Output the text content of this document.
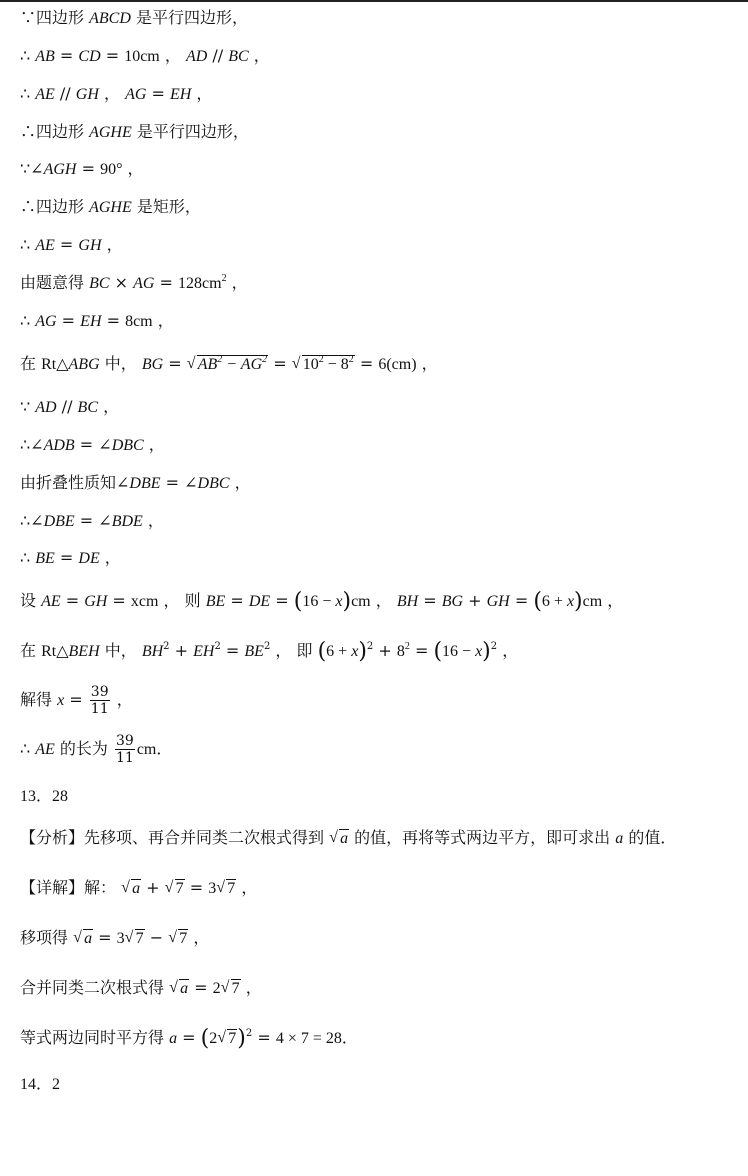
∵四边形 ABCD 是平行四边形，
∴ AB = CD = 10cm ， AD // BC ，
∴ AE // GH ， AG = EH ，
∴四边形 AGHE 是平行四边形，
∵∠AGH = 90° ，
∴四边形 AGHE 是矩形，
∴ AE = GH ，
由题意得 BC × AG = $128cm^2$ ，
∴ AG = EH = 8cm ，
在 Rt△ABG 中， BG = √ $AB^2 - AG^2$ = √ $10^2 - 8^2 = 6(cm)$ ，
∵ AD // BC ，
∴∠ADB = ∠DBC ，
由折叠性质知∠DBE = ∠DBC ，
∴∠DBE = ∠BDE ，
∴ BE = DE ，
设 AE = GH = xcm ， 则 BE = DE = (16 − x)cm ， BH = BG + GH = (6 + x)cm ，
在 Rt△BEH 中， $BH^2 + EH^2 = BE^2$ ， 即 $(6 + x)^2 + 8^2 = (16 - x)^2$ ，
解得 $x = \frac{39}{11}$ ，
∴ AE 的长为 $\frac{39}{11}$ cm．
13．28
【分析】先移项、再合并同类二次根式得到 √ a 的值，再将等式两边平方，即可求出 a 的值．
【详解】解： √ a + √ 7 = 3 √ 7 ，
移项得 √ a = 3 √ 7 − √ 7 ，
合并同类二次根式得 √ a = 2 √ 7 ，
等式两边同时平方得 a = (2 √ 7)$^2$ = 4 × 7 = 28．
14．2
